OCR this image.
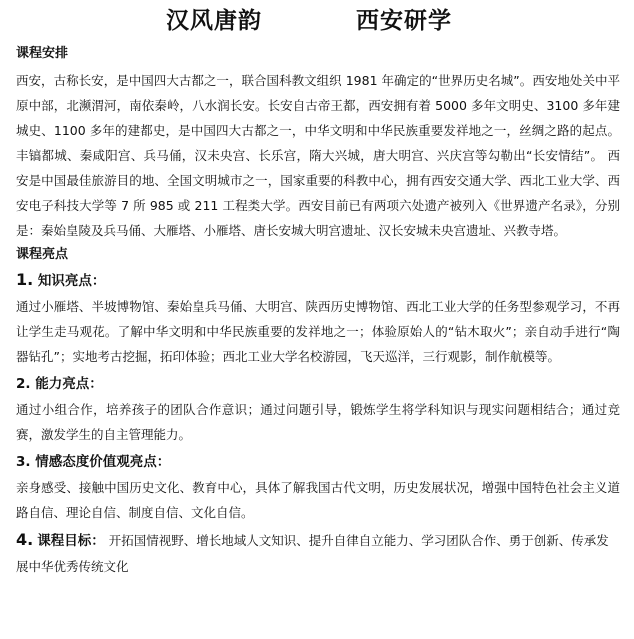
汉风唐韵	西安研学
课程安排

西安，古称长安，是中国四大古都之一，联合国科教文组织 1981 年确定的“世界历史名城”。西安地处关中平原中部，北濒渭河，南依秦岭，八水润长安。长安自古帝王都，西安拥有着 5000 多年文明史、3100 多年建城史、1100 多年的建都史，是中国四大古都之一，中华文明和中华民族重要发祥地之一，丝绸之路的起点。 丰镐都城、秦咸阳宫、兵马俑，汉未央宫、长乐宫，隋大兴城，唐大明宫、兴庆宫等勾勒出“长安情结”。 西安是中国最佳旅游目的地、全国文明城市之一，国家重要的科教中心，拥有西安交通大学、西北工业大学、西安电子科技大学等 7 所 985 或 211 工程类大学。西安目前已有两项六处遗产被列入《世界遗产名录》，分别是：秦始皇陵及兵马俑、大雁塔、小雁塔、唐长安城大明宫遗址、汉长安城未央宫遗址、兴教寺塔。

课程亮点
1. 知识亮点：

通过小雁塔、半坡博物馆、秦始皇兵马俑、大明宫、陕西历史博物馆、西北工业大学的任务型参观学习，不再让学生走马观花。了解中华文明和中华民族重要的发祥地之一；体验原始人的“钻木取火”；亲自动手进行“陶器钻孔”；实地考古挖掘，拓印体验；西北工业大学名校游园，飞天巡洋，三行观影，制作航模等。

2. 能力亮点：

通过小组合作，培养孩子的团队合作意识；通过问题引导，锻炼学生将学科知识与现实问题相结合；通过竞赛，激发学生的自主管理能力。

3. 情感态度价值观亮点：

亲身感受、接触中国历史文化、教育中心，具体了解我国古代文明，历史发展状况，增强中国特色社会主义道路自信、理论自信、制度自信、文化自信。

4. 课程目标： 开拓国情视野、增长地域人文知识、提升自律自立能力、学习团队合作、勇于创新、传承发展中华优秀传统文化
